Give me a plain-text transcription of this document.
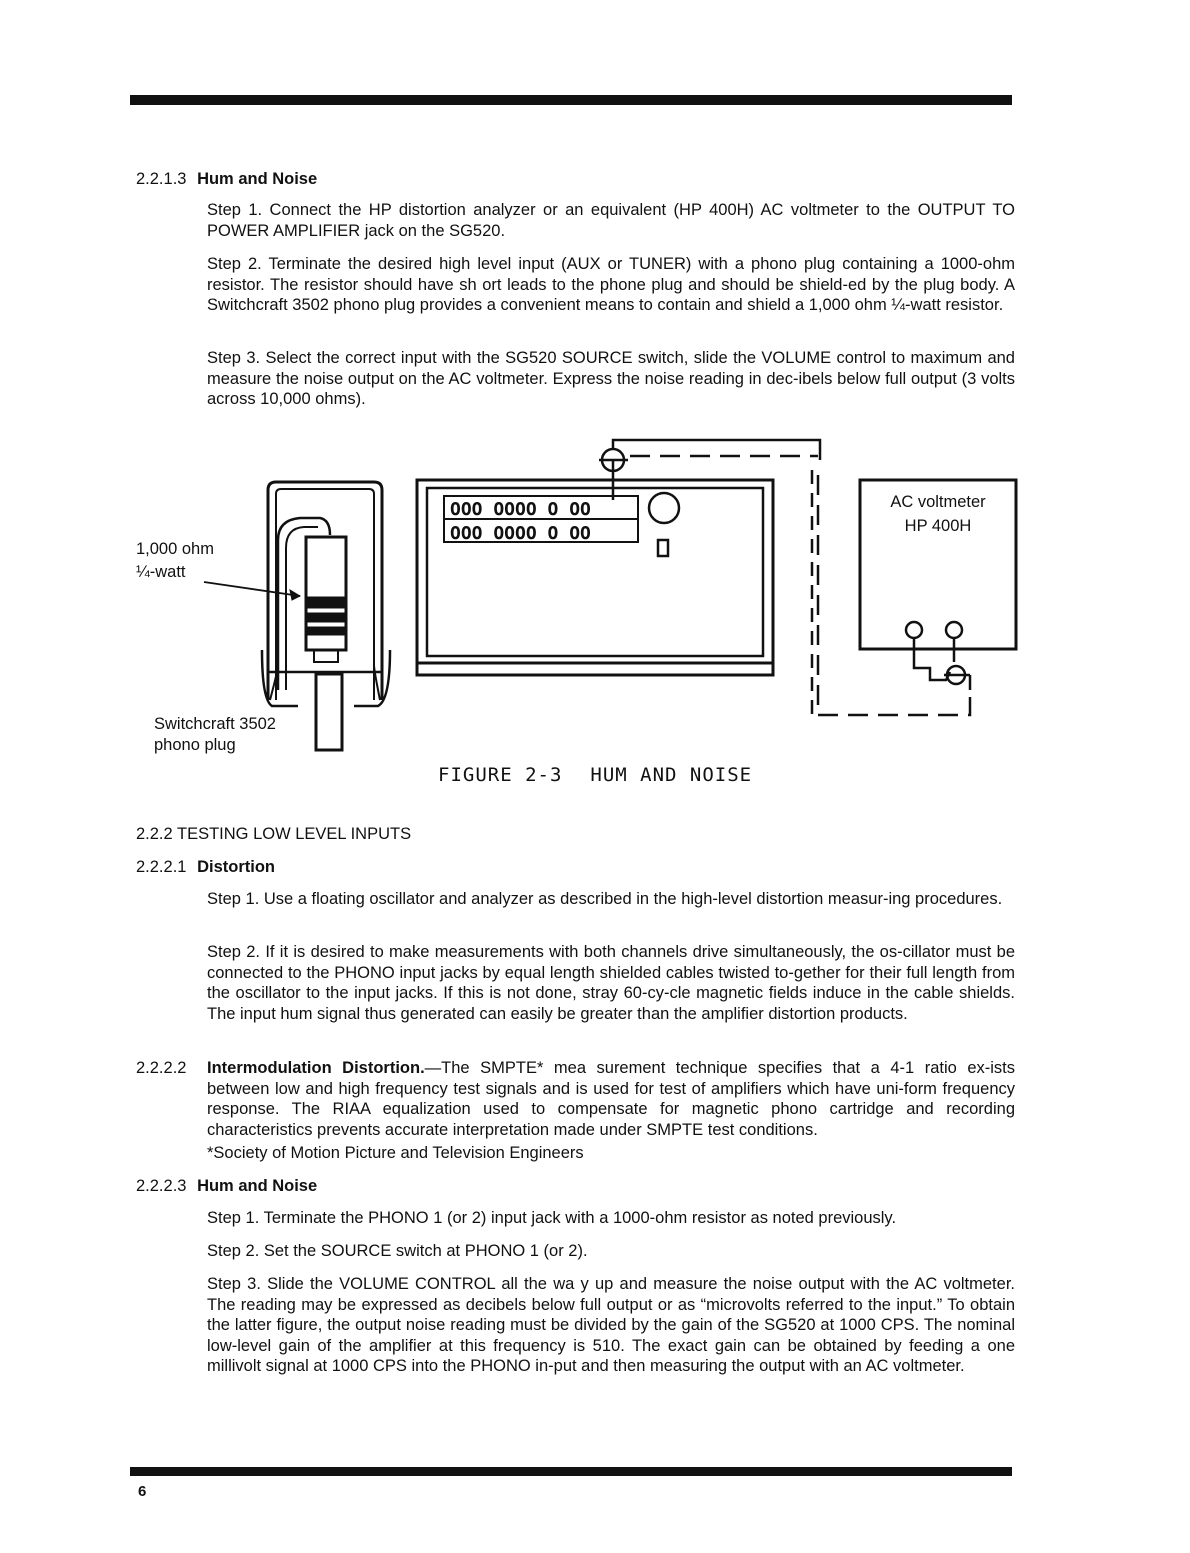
2.2.1.3 Hum and Noise
Step 1. Connect the HP distortion analyzer or an equivalent (HP 400H) AC voltmeter to the OUTPUT TO POWER AMPLIFIER jack on the SG520.
Step 2. Terminate the desired high level input (AUX or TUNER) with a phono plug containing a 1000-ohm resistor. The resistor should have sh ort leads to the phone plug and should be shield-ed by the plug body. A Switchcraft 3502 phono plug provides a convenient means to contain and shield a 1,000 ohm ¼-watt resistor.
Step 3. Select the correct input with the SG520 SOURCE switch, slide the VOLUME control to maximum and measure the noise output on the AC voltmeter. Express the noise reading in dec-ibels below full output (3 volts across 10,000 ohms).
OOO OOOO O OO
OOO OOOO O OO
1,000 ohm
¼-watt
Switchcraft 3502
phono plug
AC voltmeter
HP 400H
FIGURE 2-3 HUM AND NOISE
2.2.2 TESTING LOW LEVEL INPUTS
2.2.2.1 Distortion
Step 1. Use a floating oscillator and analyzer as described in the high-level distortion measur-ing procedures.
Step 2. If it is desired to make measurements with both channels drive simultaneously, the os-cillator must be connected to the PHONO input jacks by equal length shielded cables twisted to-gether for their full length from the oscillator to the input jacks. If this is not done, stray 60-cy-cle magnetic fields induce in the cable shields. The input hum signal thus generated can easily be greater than the amplifier distortion products.
2.2.2.2 Intermodulation Distortion.—The SMPTE* mea surement technique specifies that a 4-1 ratio ex-ists between low and high frequency test signals and is used for test of amplifiers which have uni-form frequency response. The RIAA equalization used to compensate for magnetic phono cartridge and recording characteristics prevents accurate interpretation made under SMPTE test conditions.
*Society of Motion Picture and Television Engineers
2.2.2.3 Hum and Noise
Step 1. Terminate the PHONO 1 (or 2) input jack with a 1000-ohm resistor as noted previously.
Step 2. Set the SOURCE switch at PHONO 1 (or 2).
Step 3. Slide the VOLUME CONTROL all the wa y up and measure the noise output with the AC voltmeter. The reading may be expressed as decibels below full output or as “microvolts referred to the input.” To obtain the latter figure, the output noise reading must be divided by the gain of the SG520 at 1000 CPS. The nominal low-level gain of the amplifier at this frequency is 510. The exact gain can be obtained by feeding a one millivolt signal at 1000 CPS into the PHONO in-put and then measuring the output with an AC voltmeter.
6
